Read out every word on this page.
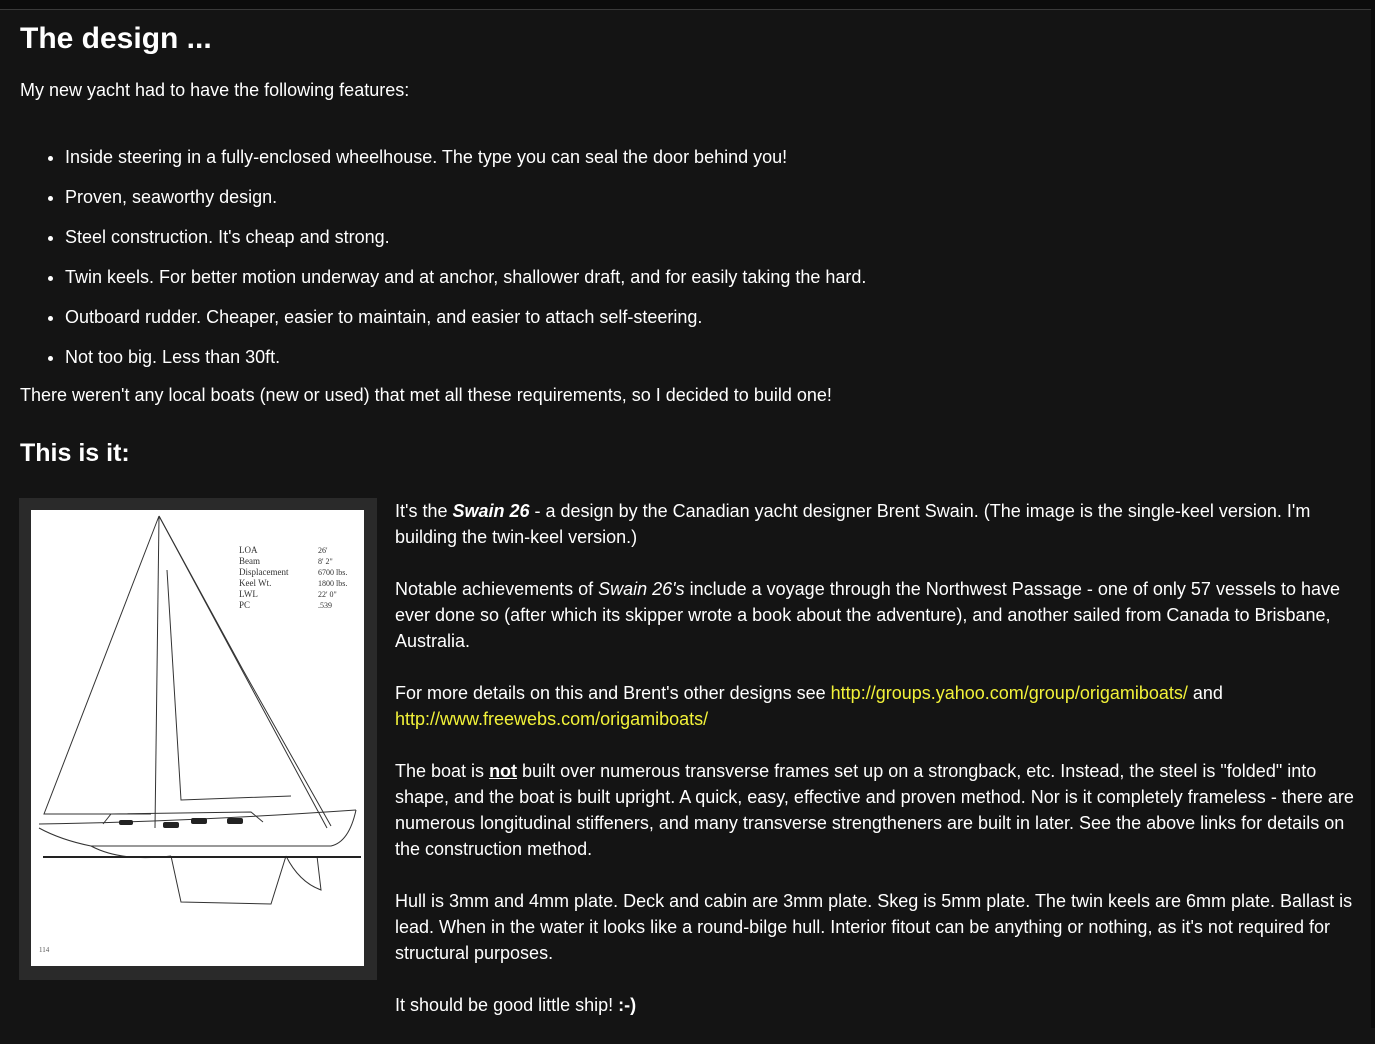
The design ...

My new yacht had to have the following features:

• Inside steering in a fully-enclosed wheelhouse. The type you can seal the door behind you!
• Proven, seaworthy design.
• Steel construction. It's cheap and strong.
• Twin keels. For better motion underway and at anchor, shallower draft, and for easily taking the hard.
• Outboard rudder. Cheaper, easier to maintain, and easier to attach self-steering.
• Not too big. Less than 30ft.

There weren't any local boats (new or used) that met all these requirements, so I decided to build one!

This is it:
LOA
Beam
Displacement
Keel Wt.
LWL
PC
26'
8' 2"
6700 lbs.
1800 lbs.
22' 0"
.539
114

It's the Swain 26 - a design by the Canadian yacht designer Brent Swain. (The image is the single-keel version. I'm building the twin-keel version.)

Notable achievements of Swain 26's include a voyage through the Northwest Passage - one of only 57 vessels to have ever done so (after which its skipper wrote a book about the adventure), and another sailed from Canada to Brisbane, Australia.

For more details on this and Brent's other designs see http://groups.yahoo.com/group/origamiboats/ and http://www.freewebs.com/origamiboats/

The boat is not built over numerous transverse frames set up on a strongback, etc. Instead, the steel is "folded" into shape, and the boat is built upright. A quick, easy, effective and proven method. Nor is it completely frameless - there are numerous longitudinal stiffeners, and many transverse strengtheners are built in later. See the above links for details on the construction method.

Hull is 3mm and 4mm plate. Deck and cabin are 3mm plate. Skeg is 5mm plate. The twin keels are 6mm plate. Ballast is lead. When in the water it looks like a round-bilge hull. Interior fitout can be anything or nothing, as it's not required for structural purposes.

It should be good little ship! :-)
